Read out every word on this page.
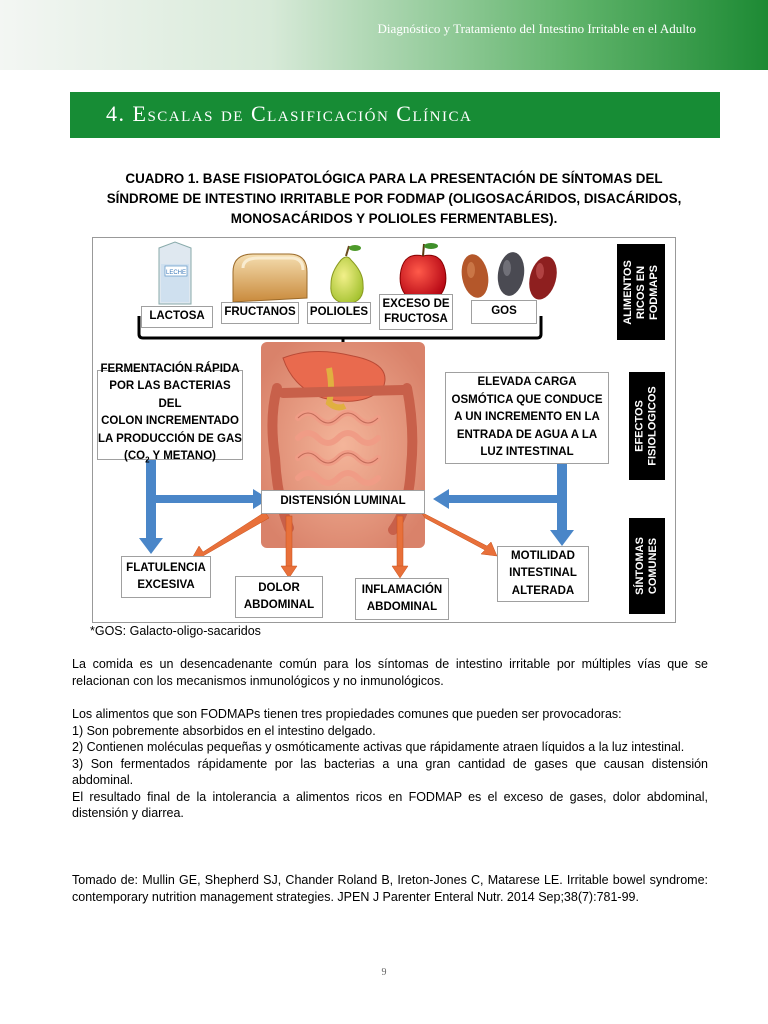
Diagnóstico y Tratamiento del Intestino Irritable en el Adulto
4. Escalas de Clasificación Clínica
CUADRO 1. BASE FISIOPATOLÓGICA PARA LA PRESENTACIÓN DE SÍNTOMAS DEL
SÍNDROME DE INTESTINO IRRITABLE POR FODMAP (OLIGOSACÁRIDOS, DISACÁRIDOS,
MONOSACÁRIDOS Y POLIOLES FERMENTABLES).
LECHE
LACTOSA	FRUCTANOS POLIOLES
EXCESO DE
FRUCTOSA
GOS
FERMENTACIÓN RÁPIDA
POR LAS BACTERIAS DEL
COLON INCREMENTADO
LA PRODUCCIÓN DE GAS
($CO_2$ Y METANO)
ELEVADA CARGA
OSMÓTICA QUE CONDUCE
A UN INCREMENTO EN LA
ENTRADA DE AGUA A LA
LUZ INTESTINAL
DISTENSIÓN LUMINAL
FLATULENCIA
EXCESIVA	DOLOR
ABDOMINAL
INFLAMACIÓN
ABDOMINAL
MOTILIDAD
INTESTINAL
ALTERADA
ALIMENTOS RICOS EN FODMAPS
EFECTOS FISIOLOGICOS
SÍNTOMAS COMUNES
*GOS: Galacto-oligo-sacaridos
La comida es un desencadenante común para los síntomas de intestino irritable por múltiples vías que se relacionan con los mecanismos inmunológicos y no inmunológicos.
Los alimentos que son FODMAPs tienen tres propiedades comunes que pueden ser provocadoras:
1) Son pobremente absorbidos en el intestino delgado.
2) Contienen moléculas pequeñas y osmóticamente activas que rápidamente atraen líquidos a la luz intestinal.
3) Son fermentados rápidamente por las bacterias a una gran cantidad de gases que causan distensión abdominal.
El resultado final de la intolerancia a alimentos ricos en FODMAP es el exceso de gases, dolor abdominal, distensión y diarrea.
Tomado de: Mullin GE, Shepherd SJ, Chander Roland B, Ireton-Jones C, Matarese LE. Irritable bowel syndrome: contemporary nutrition management strategies. JPEN J Parenter Enteral Nutr. 2014 Sep;38(7):781-99.
9
